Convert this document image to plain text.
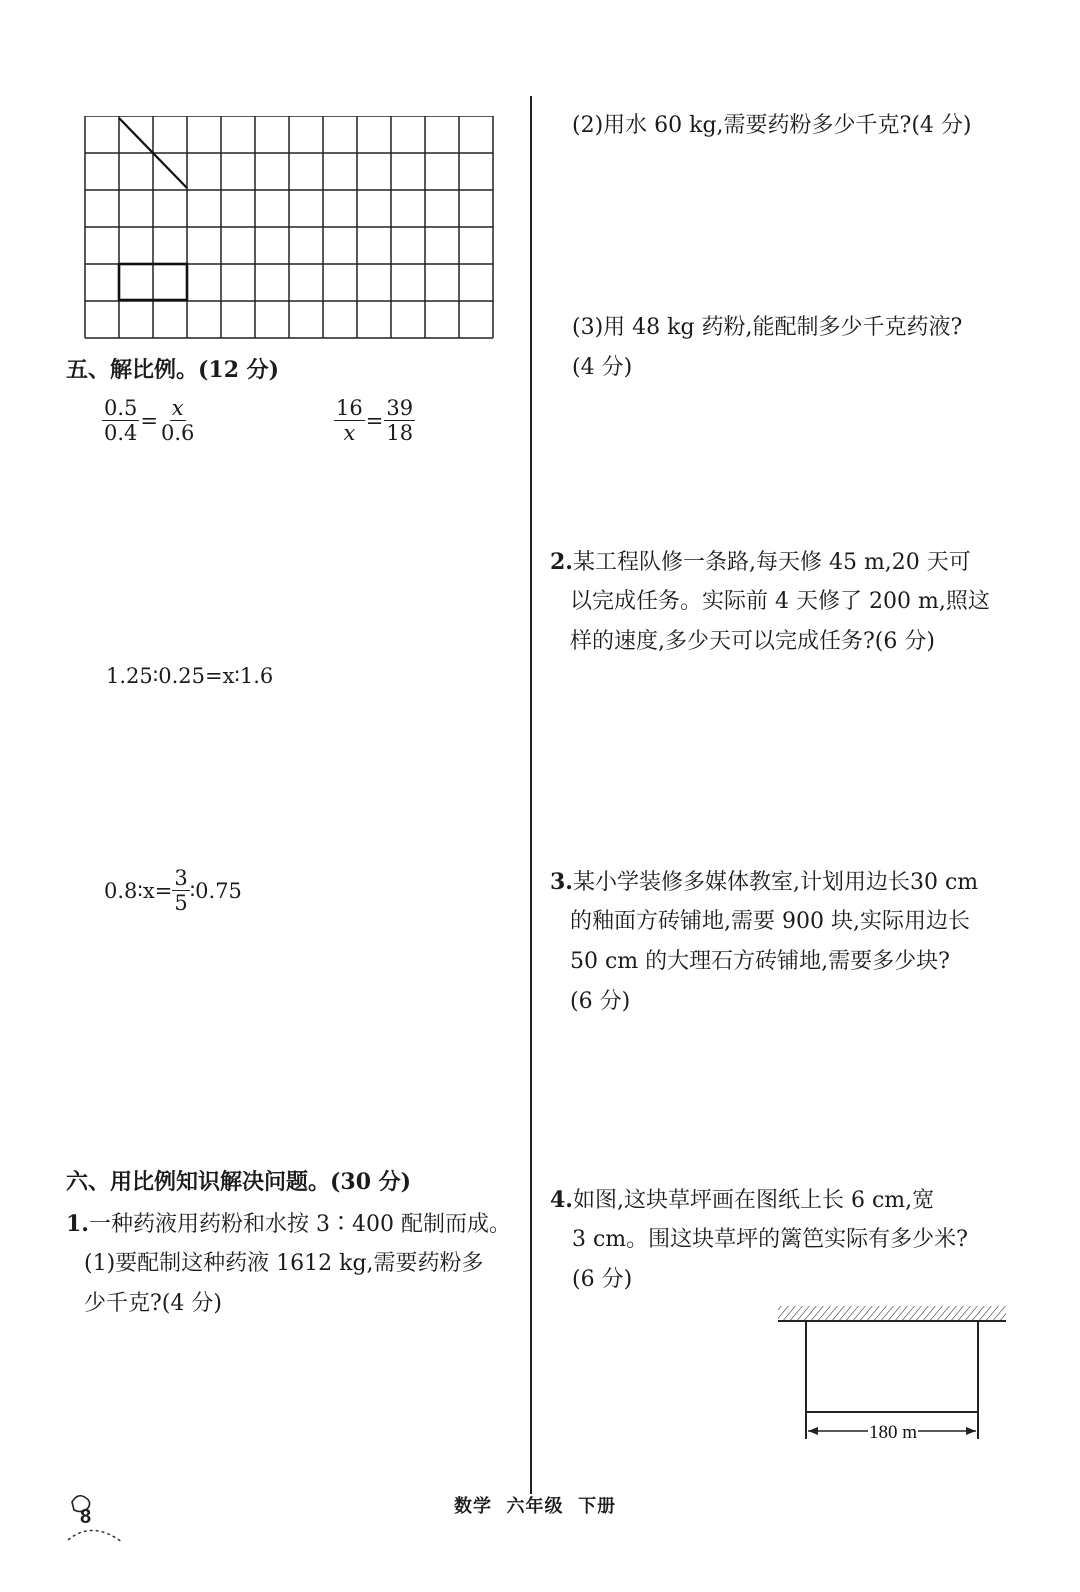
五、解比例。(12 分)
$\frac{0.5}{0.4} = \frac{x}{0.6}$	$\frac{16}{x} = \frac{39}{18}$
1.25∶0.25=x∶1.6
0.8∶x= $\frac{3}{5}$ ∶0.75
六、用比例知识解决问题。(30 分)
1.一种药液用药粉和水按 3∶400 配制而成。
(1)要配制这种药液 1612 kg,需要药粉多
少千克?(4 分)
(2)用水 60 kg,需要药粉多少千克?(4 分)
(3)用 48 kg 药粉,能配制多少千克药液?
(4 分)
2.某工程队修一条路,每天修 45 m,20 天可
以完成任务。实际前 4 天修了 200 m,照这
样的速度,多少天可以完成任务?(6 分)
3.某小学装修多媒体教室,计划用边长30 cm
的釉面方砖铺地,需要 900 块,实际用边长
50 cm 的大理石方砖铺地,需要多少块?
(6 分)
4.如图,这块草坪画在图纸上长 6 cm,宽
3 cm。围这块草坪的篱笆实际有多少米?
(6 分)
180 m
8	数学  六年级  下册
